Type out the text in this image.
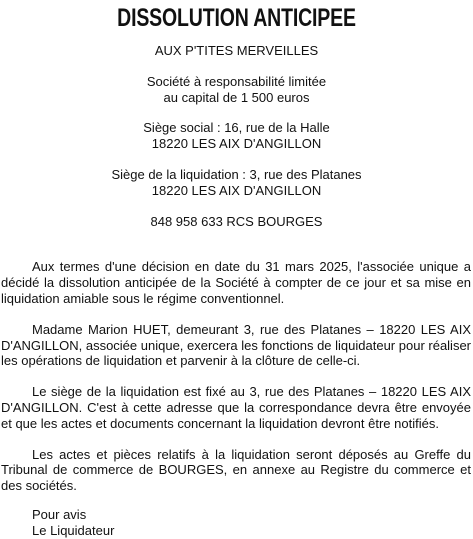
DISSOLUTION ANTICIPEE

AUX P'TITES MERVEILLES

Société à responsabilité limitée
au capital de 1 500 euros

Siège social : 16, rue de la Halle
18220 LES AIX D'ANGILLON

Siège de la liquidation : 3, rue des Platanes
18220 LES AIX D'ANGILLON

848 958 633 RCS BOURGES

Aux termes d'une décision en date du 31 mars 2025, l'associée unique a décidé la dissolution anticipée de la Société à compter de ce jour et sa mise en liquidation amiable sous le régime conventionnel.

Madame Marion HUET, demeurant 3, rue des Platanes – 18220 LES AIX D'ANGILLON, associée unique, exercera les fonctions de liquidateur pour réaliser les opérations de liquidation et parvenir à la clôture de celle-ci.

Le siège de la liquidation est fixé au 3, rue des Platanes – 18220 LES AIX D'ANGILLON. C'est à cette adresse que la correspondance devra être envoyée et que les actes et documents concernant la liquidation devront être notifiés.

Les actes et pièces relatifs à la liquidation seront déposés au Greffe du Tribunal de commerce de BOURGES, en annexe au Registre du commerce et des sociétés.

Pour avis
Le Liquidateur
